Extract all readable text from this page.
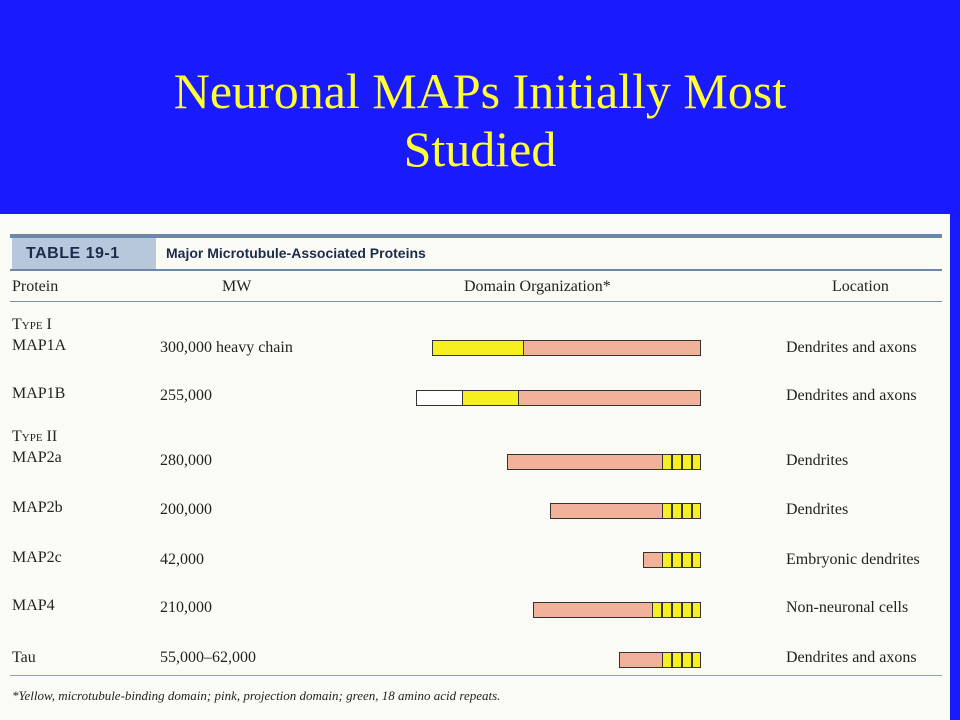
Neuronal MAPs Initially Most
Studied
TABLE 19-1	Major Microtubule-Associated Proteins
Protein	MW	Domain Organization*	Location
Type I
MAP1A	300,000 heavy chain	Dendrites and axons
MAP1B	255,000	Dendrites and axons
Type II
MAP2a	280,000	Dendrites
MAP2b	200,000	Dendrites
MAP2c	42,000	Embryonic dendrites
MAP4	210,000	Non-neuronal cells
Tau	55,000–62,000	Dendrites and axons
*Yellow, microtubule-binding domain; pink, projection domain; green, 18 amino acid repeats.
